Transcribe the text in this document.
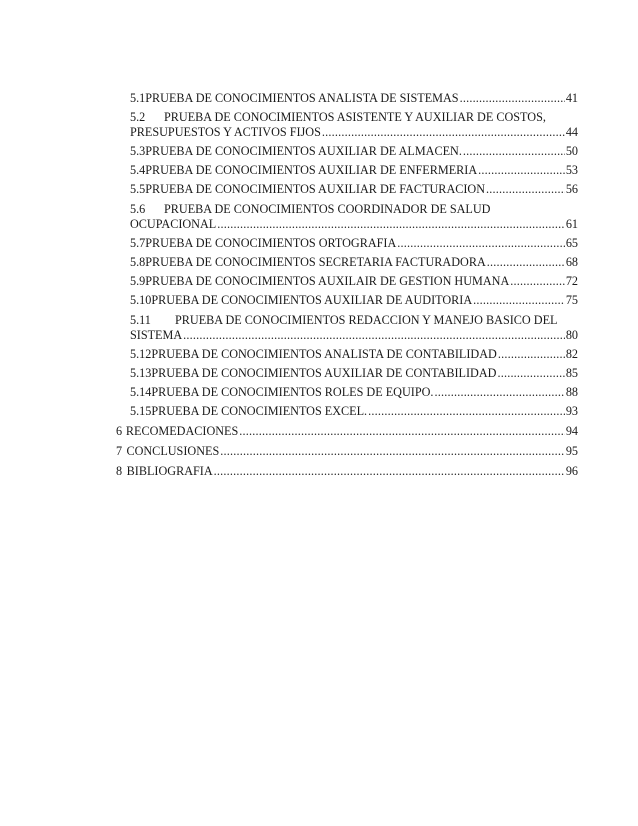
5.1 PRUEBA DE CONOCIMIENTOS ANALISTA DE SISTEMAS .....	41
5.2 PRUEBA DE CONOCIMIENTOS ASISTENTE Y AUXILIAR DE COSTOS,
PRESUPUESTOS Y ACTIVOS FIJOS .....	44
5.3 PRUEBA DE CONOCIMIENTOS AUXILIAR DE ALMACEN. .....	50
5.4 PRUEBA DE CONOCIMIENTOS AUXILIAR DE ENFERMERIA .....	53
5.5 PRUEBA DE CONOCIMIENTOS AUXILIAR DE FACTURACION .....	56
5.6 PRUEBA DE CONOCIMIENTOS COORDINADOR DE SALUD
OCUPACIONAL .....	61
5.7 PRUEBA DE CONOCIMIENTOS ORTOGRAFIA .....	65
5.8 PRUEBA DE CONOCIMIENTOS SECRETARIA FACTURADORA .....	68
5.9 PRUEBA DE CONOCIMIENTOS AUXILAIR DE GESTION HUMANA .....	72
5.10 PRUEBA DE CONOCIMIENTOS AUXILIAR DE AUDITORIA .....	75
5.11 PRUEBA DE CONOCIMIENTOS REDACCION Y MANEJO BASICO DEL
SISTEMA .....	80
5.12 PRUEBA DE CONOCIMIENTOS ANALISTA DE CONTABILIDAD .....	82
5.13 PRUEBA DE CONOCIMIENTOS AUXILIAR DE CONTABILIDAD .....	85
5.14 PRUEBA DE CONOCIMIENTOS ROLES DE EQUIPO. .....	88
5.15 PRUEBA DE CONOCIMIENTOS EXCEL. .....	93
6 RECOMEDACIONES .....	94
7 CONCLUSIONES .....	95
8 BIBLIOGRAFIA .....	96
